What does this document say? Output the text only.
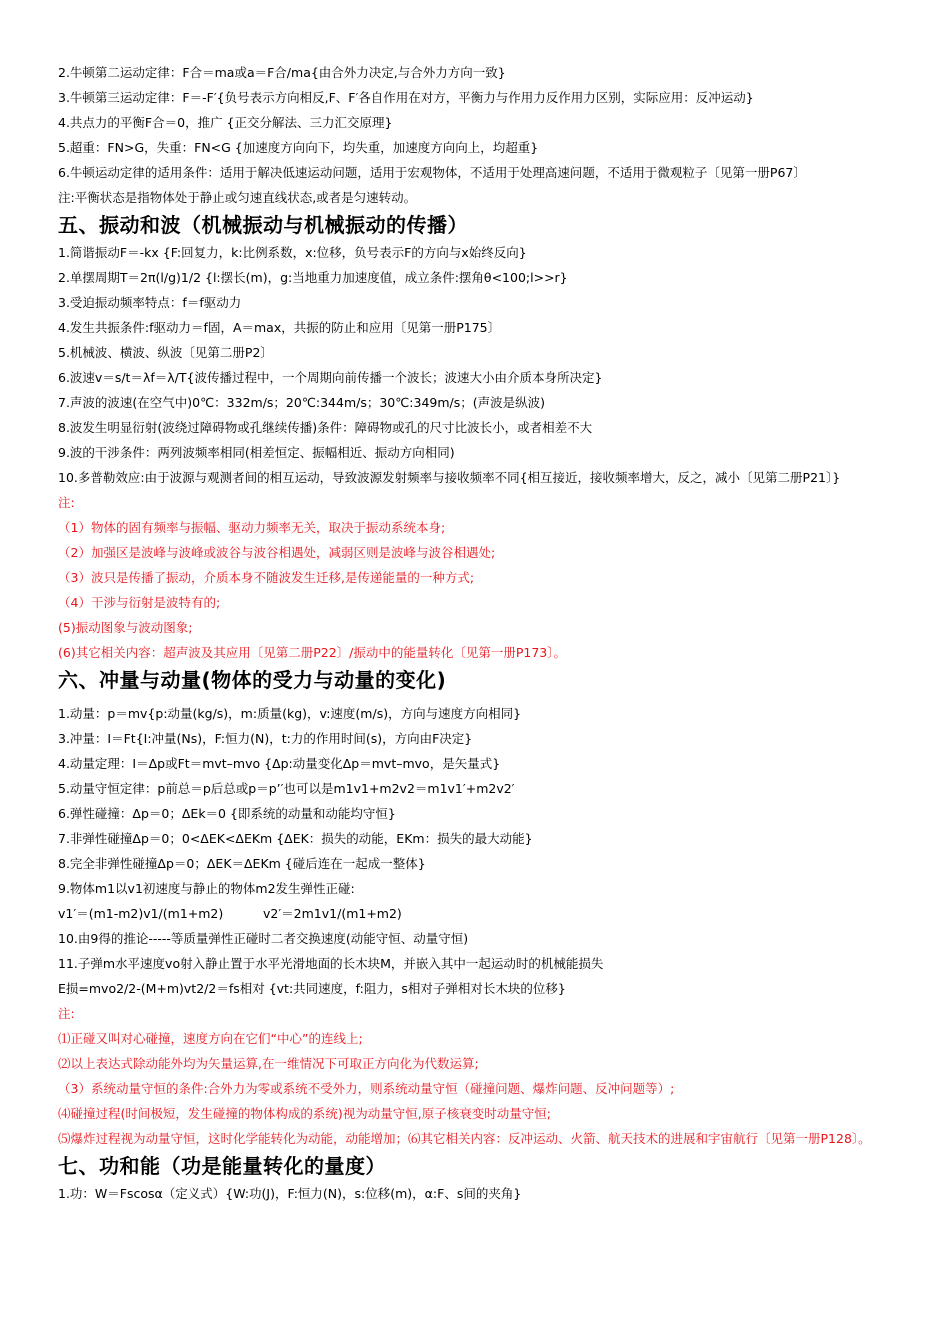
2.牛顿第二运动定律：F合＝ma或a＝F合/ma{由合外力决定,与合外力方向一致}

3.牛顿第三运动定律：F＝-F′{负号表示方向相反,F、F′各自作用在对方，平衡力与作用力反作用力区别，实际应用：反冲运动}

4.共点力的平衡F合＝0，推广 {正交分解法、三力汇交原理}

5.超重：FN>G，失重：FN<G {加速度方向向下，均失重，加速度方向向上，均超重}

6.牛顿运动定律的适用条件：适用于解决低速运动问题，适用于宏观物体，不适用于处理高速问题，不适用于微观粒子〔见第一册P67〕

注:平衡状态是指物体处于静止或匀速直线状态,或者是匀速转动。

五、振动和波（机械振动与机械振动的传播）

1.简谐振动F＝-kx {F:回复力，k:比例系数，x:位移，负号表示F的方向与x始终反向}

2.单摆周期T＝2π(l/g)1/2 {l:摆长(m)，g:当地重力加速度值，成立条件:摆角θ<100;l>>r}

3.受迫振动频率特点：f＝f驱动力

4.发生共振条件:f驱动力＝f固，A＝max，共振的防止和应用〔见第一册P175〕

5.机械波、横波、纵波〔见第二册P2〕

6.波速v＝s/t＝λf＝λ/T{波传播过程中，一个周期向前传播一个波长；波速大小由介质本身所决定}

7.声波的波速(在空气中)0℃：332m/s；20℃:344m/s；30℃:349m/s；(声波是纵波)

8.波发生明显衍射(波绕过障碍物或孔继续传播)条件：障碍物或孔的尺寸比波长小，或者相差不大

9.波的干涉条件：两列波频率相同(相差恒定、振幅相近、振动方向相同)

10.多普勒效应:由于波源与观测者间的相互运动，导致波源发射频率与接收频率不同{相互接近，接收频率增大，反之，减小〔见第二册P21〕}

注:

（1）物体的固有频率与振幅、驱动力频率无关，取决于振动系统本身;

（2）加强区是波峰与波峰或波谷与波谷相遇处，减弱区则是波峰与波谷相遇处;

（3）波只是传播了振动，介质本身不随波发生迁移,是传递能量的一种方式;

（4）干涉与衍射是波特有的;

(5)振动图象与波动图象;

(6)其它相关内容：超声波及其应用〔见第二册P22〕/振动中的能量转化〔见第一册P173〕。

六、冲量与动量(物体的受力与动量的变化)

1.动量：p＝mv{p:动量(kg/s)，m:质量(kg)，v:速度(m/s)，方向与速度方向相同}

3.冲量：I＝Ft{I:冲量(Ns)，F:恒力(N)，t:力的作用时间(s)，方向由F决定}

4.动量定理：I＝Δp或Ft＝mvt–mvo {Δp:动量变化Δp＝mvt–mvo，是矢量式}

5.动量守恒定律：p前总＝p后总或p＝p’′也可以是m1v1+m2v2＝m1v1′+m2v2′

6.弹性碰撞：Δp＝0；ΔEk＝0 {即系统的动量和动能均守恒}

7.非弹性碰撞Δp＝0；0<ΔEK<ΔEKm {ΔEK：损失的动能，EKm：损失的最大动能}

8.完全非弹性碰撞Δp＝0；ΔEK＝ΔEKm {碰后连在一起成一整体}

9.物体m1以v1初速度与静止的物体m2发生弹性正碰:

v1′＝(m1-m2)v1/(m1+m2)          v2′＝2m1v1/(m1+m2)

10.由9得的推论-----等质量弹性正碰时二者交换速度(动能守恒、动量守恒)

11.子弹m水平速度vo射入静止置于水平光滑地面的长木块M，并嵌入其中一起运动时的机械能损失

E损=mvo2/2-(M+m)vt2/2＝fs相对 {vt:共同速度，f:阻力，s相对子弹相对长木块的位移}

注:

⑴正碰又叫对心碰撞，速度方向在它们“中心”的连线上;

⑵以上表达式除动能外均为矢量运算,在一维情况下可取正方向化为代数运算;

（3）系统动量守恒的条件:合外力为零或系统不受外力，则系统动量守恒（碰撞问题、爆炸问题、反冲问题等）;

⑷碰撞过程(时间极短，发生碰撞的物体构成的系统)视为动量守恒,原子核衰变时动量守恒;

⑸爆炸过程视为动量守恒，这时化学能转化为动能，动能增加；⑹其它相关内容：反冲运动、火箭、航天技术的进展和宇宙航行〔见第一册P128〕。

七、功和能（功是能量转化的量度）

1.功：W＝Fscosα（定义式）{W:功(J)，F:恒力(N)，s:位移(m)，α:F、s间的夹角}
